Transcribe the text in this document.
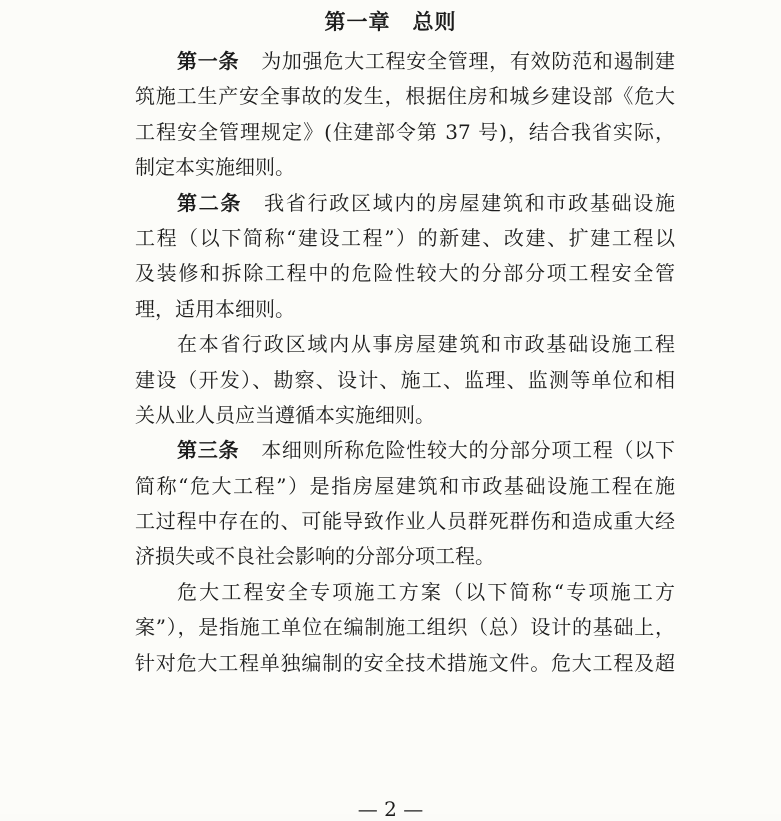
第一章　总则
第一条 为加强危大工程安全管理，有效防范和遏制建
筑施工生产安全事故的发生，根据住房和城乡建设部《危大
工程安全管理规定》(住建部令第 37 号)，结合我省实际，
制定本实施细则。
第二条 我省行政区域内的房屋建筑和市政基础设施
工程（以下简称“建设工程”）的新建、改建、扩建工程以
及装修和拆除工程中的危险性较大的分部分项工程安全管
理，适用本细则。
在本省行政区域内从事房屋建筑和市政基础设施工程
建设（开发）、勘察、设计、施工、监理、监测等单位和相
关从业人员应当遵循本实施细则。
第三条 本细则所称危险性较大的分部分项工程（以下
简称“危大工程”）是指房屋建筑和市政基础设施工程在施
工过程中存在的、可能导致作业人员群死群伤和造成重大经
济损失或不良社会影响的分部分项工程。
危大工程安全专项施工方案（以下简称“专项施工方
案”），是指施工单位在编制施工组织（总）设计的基础上，
针对危大工程单独编制的安全技术措施文件。危大工程及超
— 2 —
